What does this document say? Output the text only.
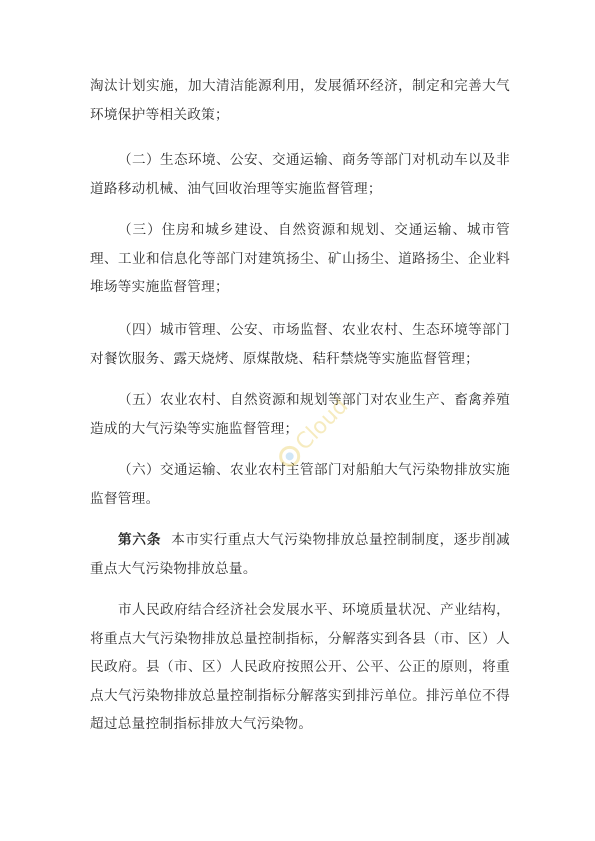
淘汰计划实施，加大清洁能源利用，发展循环经济，制定和完善大气环境保护等相关政策；

（二）生态环境、公安、交通运输、商务等部门对机动车以及非道路移动机械、油气回收治理等实施监督管理；

（三）住房和城乡建设、自然资源和规划、交通运输、城市管理、工业和信息化等部门对建筑扬尘、矿山扬尘、道路扬尘、企业料堆场等实施监督管理；

（四）城市管理、公安、市场监督、农业农村、生态环境等部门对餐饮服务、露天烧烤、原煤散烧、秸秆禁烧等实施监督管理；

（五）农业农村、自然资源和规划等部门对农业生产、畜禽养殖造成的大气污染等实施监督管理；

（六）交通运输、农业农村主管部门对船舶大气污染物排放实施监督管理。

第六条 本市实行重点大气污染物排放总量控制制度，逐步削减重点大气污染物排放总量。

市人民政府结合经济社会发展水平、环境质量状况、产业结构，将重点大气污染物排放总量控制指标，分解落实到各县（市、区）人民政府。县（市、区）人民政府按照公开、公平、公正的原则，将重点大气污染物排放总量控制指标分解落实到排污单位。排污单位不得超过总量控制指标排放大气污染物。

Cloud
